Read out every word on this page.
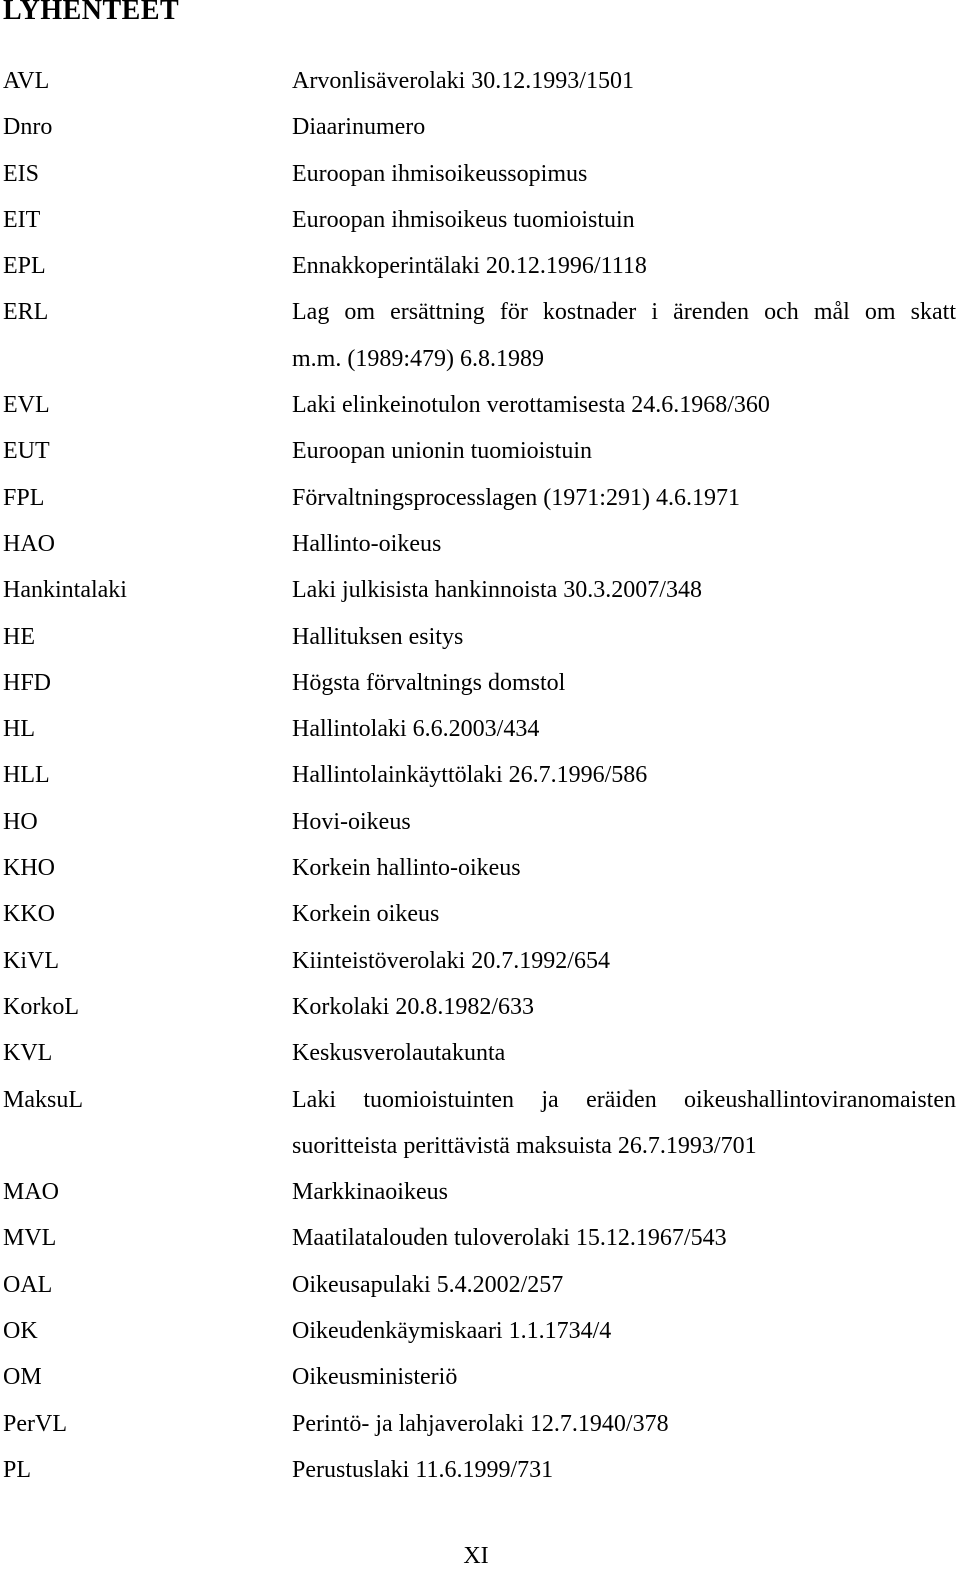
LYHENTEET
AVL	Arvonlisäverolaki 30.12.1993/1501
Dnro	Diaarinumero
EIS	Euroopan ihmisoikeussopimus
EIT	Euroopan ihmisoikeus tuomioistuin
EPL	Ennakkoperintälaki 20.12.1996/1118
ERL	Lag om ersättning för kostnader i ärenden och mål om skatt
m.m. (1989:479) 6.8.1989
EVL	Laki elinkeinotulon verottamisesta 24.6.1968/360
EUT	Euroopan unionin tuomioistuin
FPL	Förvaltningsprocesslagen (1971:291) 4.6.1971
HAO	Hallinto-oikeus
Hankintalaki	Laki julkisista hankinnoista 30.3.2007/348
HE	Hallituksen esitys
HFD	Högsta förvaltnings domstol
HL	Hallintolaki 6.6.2003/434
HLL	Hallintolainkäyttölaki 26.7.1996/586
HO	Hovi-oikeus
KHO	Korkein hallinto-oikeus
KKO	Korkein oikeus
KiVL	Kiinteistöverolaki 20.7.1992/654
KorkoL	Korkolaki 20.8.1982/633
KVL	Keskusverolautakunta
MaksuL	Laki tuomioistuinten ja eräiden oikeushallintoviranomaisten
suoritteista perittävistä maksuista 26.7.1993/701
MAO	Markkinaoikeus
MVL	Maatilatalouden tuloverolaki 15.12.1967/543
OAL	Oikeusapulaki 5.4.2002/257
OK	Oikeudenkäymiskaari 1.1.1734/4
OM	Oikeusministeriö
PerVL	Perintö- ja lahjaverolaki 12.7.1940/378
PL	Perustuslaki 11.6.1999/731
XI
